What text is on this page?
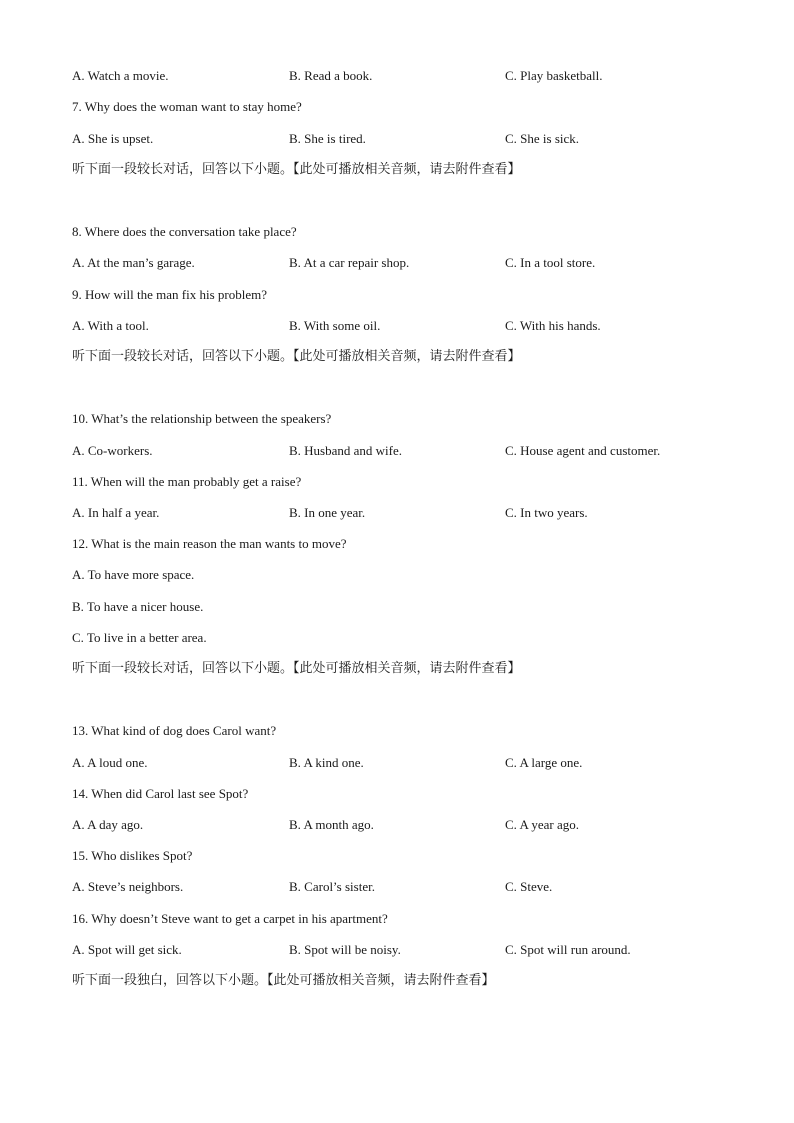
A. Watch a movie.	B. Read a book.	C. Play basketball.
7. Why does the woman want to stay home?
A. She is upset.	B. She is tired.	C. She is sick.
听下面一段较长对话，回答以下小题。【此处可播放相关音频，请去附件查看】
8. Where does the conversation take place?
A. At the man’s garage.	B. At a car repair shop.	C. In a tool store.
9. How will the man fix his problem?
A. With a tool.	B. With some oil.	C. With his hands.
听下面一段较长对话，回答以下小题。【此处可播放相关音频，请去附件查看】
10. What’s the relationship between the speakers?
A. Co-workers.	B. Husband and wife.	C. House agent and customer.
11. When will the man probably get a raise?
A. In half a year.	B. In one year.	C. In two years.
12. What is the main reason the man wants to move?
A. To have more space.
B. To have a nicer house.
C. To live in a better area.
听下面一段较长对话，回答以下小题。【此处可播放相关音频，请去附件查看】
13. What kind of dog does Carol want?
A. A loud one.	B. A kind one.	C. A large one.
14. When did Carol last see Spot?
A. A day ago.	B. A month ago.	C. A year ago.
15. Who dislikes Spot?
A. Steve’s neighbors.	B. Carol’s sister.	C. Steve.
16. Why doesn’t Steve want to get a carpet in his apartment?
A. Spot will get sick.	B. Spot will be noisy.	C. Spot will run around.
听下面一段独白，回答以下小题。【此处可播放相关音频，请去附件查看】
